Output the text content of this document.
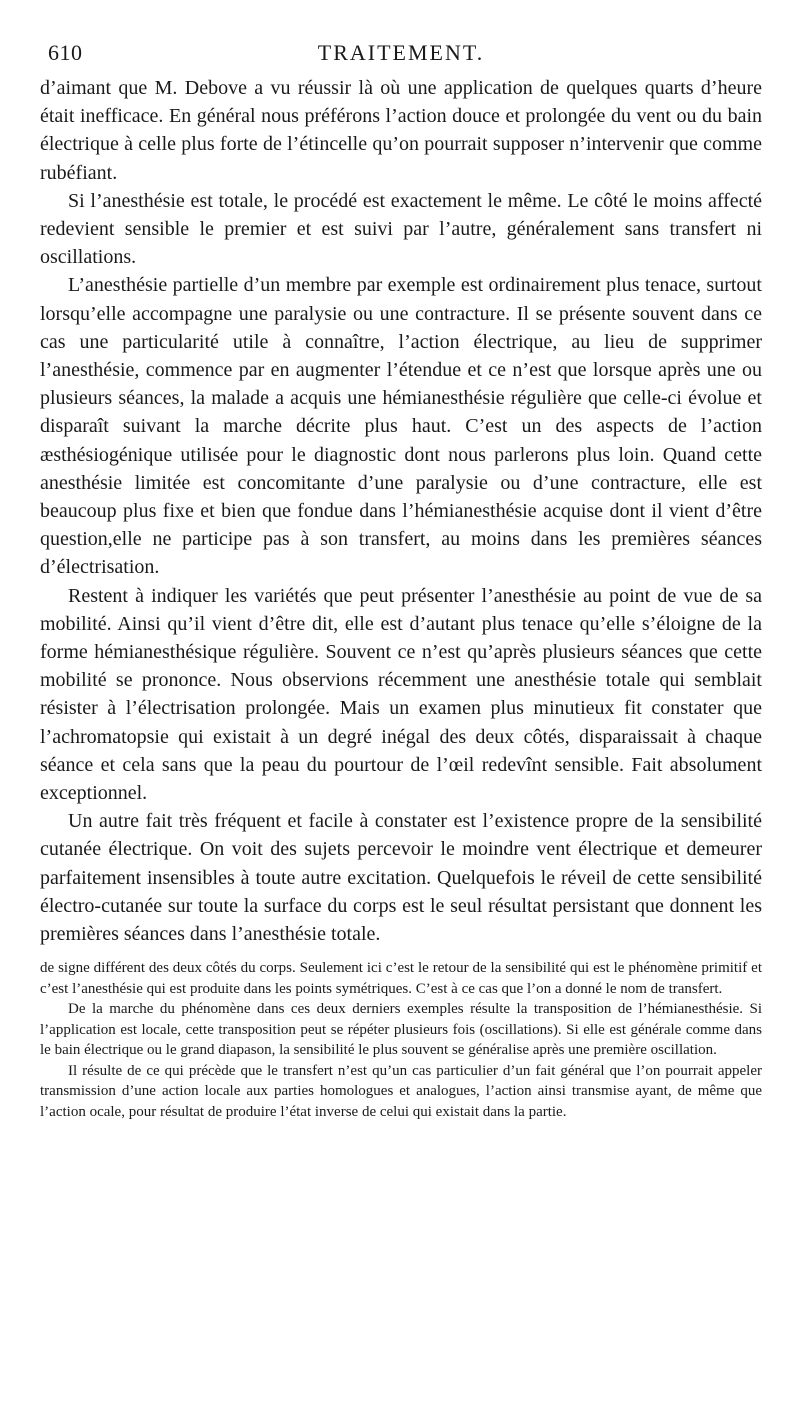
610	TRAITEMENT.

d’aimant que M. Debove a vu réussir là où une application de quelques quarts d’heure était inefficace. En général nous préférons l’action douce et prolongée du vent ou du bain électrique à celle plus forte de l’étincelle qu’on pourrait supposer n’intervenir que comme rubéfiant.

Si l’anesthésie est totale, le procédé est exactement le même. Le côté le moins affecté redevient sensible le premier et est suivi par l’autre, généralement sans transfert ni oscillations.

L’anesthésie partielle d’un membre par exemple est ordinairement plus tenace, surtout lorsqu’elle accompagne une paralysie ou une contracture. Il se présente souvent dans ce cas une particularité utile à connaître, l’action électrique, au lieu de supprimer l’anesthésie, commence par en augmenter l’étendue et ce n’est que lorsque après une ou plusieurs séances, la malade a acquis une hémianesthésie régulière que celle-ci évolue et disparaît suivant la marche décrite plus haut. C’est un des aspects de l’action æsthésiogénique utilisée pour le diagnostic dont nous parlerons plus loin. Quand cette anesthésie limitée est concomitante d’une paralysie ou d’une contracture, elle est beaucoup plus fixe et bien que fondue dans l’hémianesthésie acquise dont il vient d’être question,elle ne participe pas à son transfert, au moins dans les premières séances d’électrisation.

Restent à indiquer les variétés que peut présenter l’anesthésie au point de vue de sa mobilité. Ainsi qu’il vient d’être dit, elle est d’autant plus tenace qu’elle s’éloigne de la forme hémianesthésique régulière. Souvent ce n’est qu’après plusieurs séances que cette mobilité se prononce. Nous observions récemment une anesthésie totale qui semblait résister à l’électrisation prolongée. Mais un examen plus minutieux fit constater que l’achromatopsie qui existait à un degré inégal des deux côtés, disparaissait à chaque séance et cela sans que la peau du pourtour de l’œil redevînt sensible. Fait absolument exceptionnel.

Un autre fait très fréquent et facile à constater est l’existence propre de la sensibilité cutanée électrique. On voit des sujets percevoir le moindre vent électrique et demeurer parfaitement insensibles à toute autre excitation. Quelquefois le réveil de cette sensibilité électro-cutanée sur toute la surface du corps est le seul résultat persistant que donnent les premières séances dans l’anesthésie totale.

de signe différent des deux côtés du corps. Seulement ici c’est le retour de la sensibilité qui est le phénomène primitif et c’est l’anesthésie qui est produite dans les points symétriques. C’est à ce cas que l’on a donné le nom de transfert.

De la marche du phénomène dans ces deux derniers exemples résulte la transposition de l’hémianesthésie. Si l’application est locale, cette transposition peut se répéter plusieurs fois (oscillations). Si elle est générale comme dans le bain électrique ou le grand diapason, la sensibilité le plus souvent se généralise après une première oscillation.

Il résulte de ce qui précède que le transfert n’est qu’un cas particulier d’un fait général que l’on pourrait appeler transmission d’une action locale aux parties homologues et analogues, l’action ainsi transmise ayant, de même que l’action ocale, pour résultat de produire l’état inverse de celui qui existait dans la partie.
